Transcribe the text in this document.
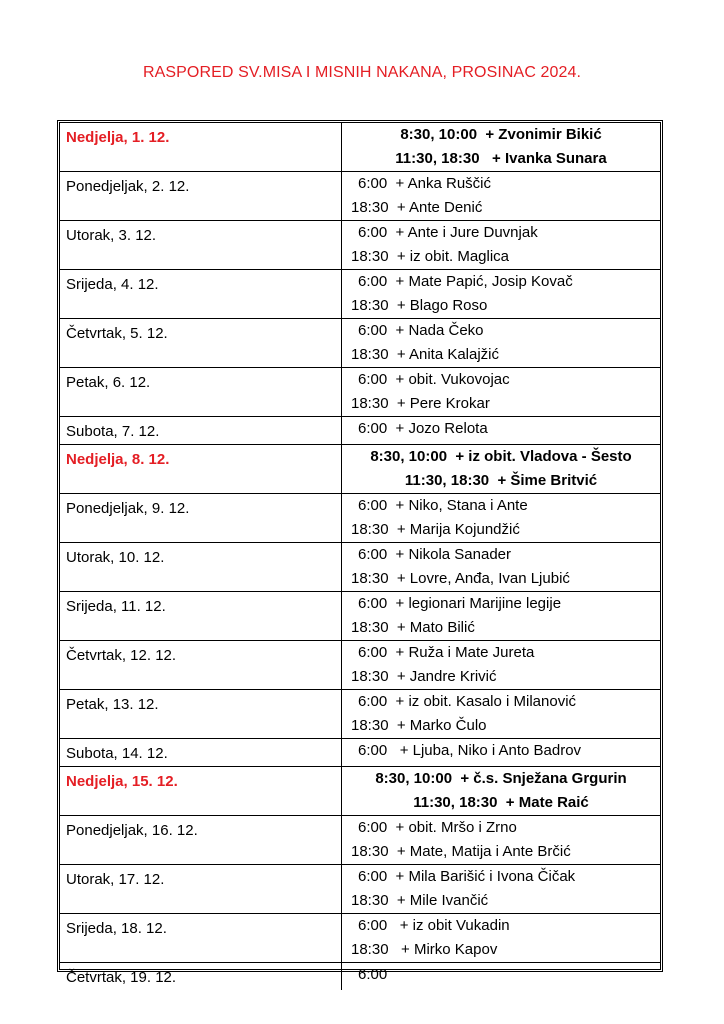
RASPORED SV.MISA I MISNIH NAKANA, PROSINAC 2024.
Nedjelja, 1. 12.	8:30, 10:00  + Zvonimir Bikić
11:30, 18:30   + Ivanka Sunara
Ponedjeljak, 2. 12.	6:00  + Anka Ruščić
18:30  + Ante Denić
Utorak, 3. 12.	6:00  + Ante i Jure Duvnjak
18:30  + iz obit. Maglica
Srijeda, 4. 12.	6:00  + Mate Papić, Josip Kovač
18:30  + Blago Roso
Četvrtak, 5. 12.	6:00  + Nada Čeko
18:30  + Anita Kalajžić
Petak, 6. 12.	6:00  + obit. Vukovojac
18:30  + Pere Krokar
Subota, 7. 12.	6:00  + Jozo Relota
Nedjelja, 8. 12.	8:30, 10:00  + iz obit. Vladova - Šesto
11:30, 18:30  + Šime Britvić
Ponedjeljak, 9. 12.	6:00  + Niko, Stana i Ante
18:30  + Marija Kojundžić
Utorak, 10. 12.	6:00  + Nikola Sanader
18:30  + Lovre, Anđa, Ivan Ljubić
Srijeda, 11. 12.	6:00  + legionari Marijine legije
18:30  + Mato Bilić
Četvrtak, 12. 12.	6:00  + Ruža i Mate Jureta
18:30  + Jandre Krivić
Petak, 13. 12.	6:00  + iz obit. Kasalo i Milanović
18:30  + Marko Čulo
Subota, 14. 12.	6:00   + Ljuba, Niko i Anto Badrov
Nedjelja, 15. 12.	8:30, 10:00  + č.s. Snježana Grgurin
11:30, 18:30  + Mate Raić
Ponedjeljak, 16. 12.	6:00  + obit. Mršo i Zrno
18:30  + Mate, Matija i Ante Brčić
Utorak, 17. 12.	6:00  + Mila Barišić i Ivona Čičak
18:30  + Mile Ivančić
Srijeda, 18. 12.	6:00   + iz obit Vukadin
18:30   + Mirko Kapov
Četvrtak, 19. 12.	6:00
